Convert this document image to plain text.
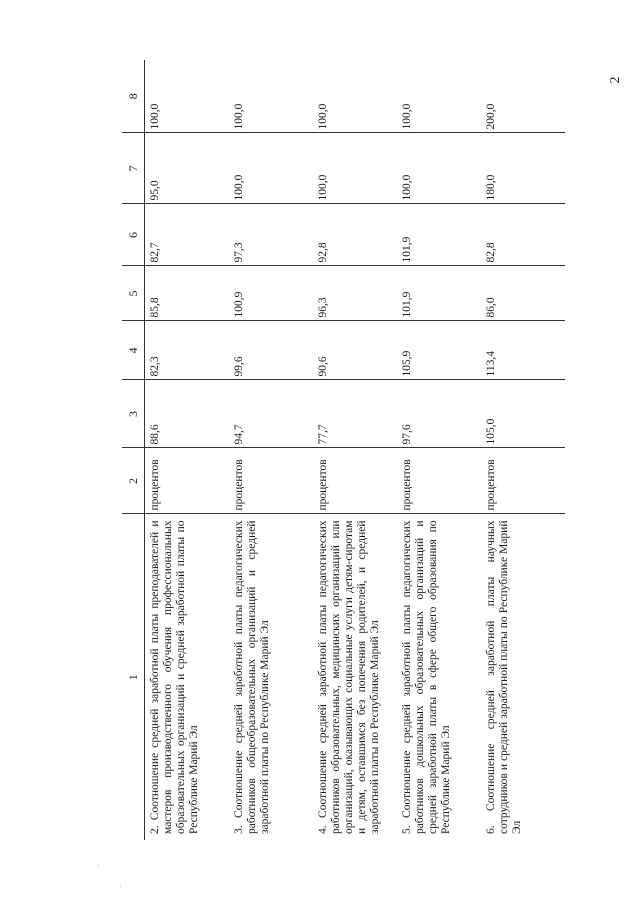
2
1	2	3	4	5	6	7	8
2. Соотношение средней заработной платы преподавателей и мастеров производственного обучения профессиональных образовательных организаций и средней заработной платы по Республике Марий Эл	процентов	88,6	82,3	85,8	82,7	95,0	100,0
3. Соотношение средней заработной платы педагогических работников общеобразовательных организаций и средней заработной платы по Республике Марий Эл	процентов	94,7	99,6	100,9	97,3	100,0	100,0
4. Соотношение средней заработной платы педагогических работников образовательных, медицинских организаций или организаций, оказывающих социальные услуги детям-сиротам и детям, оставшимся без попечения родителей, и средней заработной платы по Республике Марий Эл	процентов	77,7	90,6	96,3	92,8	100,0	100,0
5. Соотношение средней заработной платы педагогических работников дошкольных образовательных организаций и средней заработной платы в сфере общего образования по Республике Марий Эл	процентов	97,6	105,9	101,9	101,9	100,0	100,0
6. Соотношение средней заработной платы научных сотрудников и средней заработной платы по Республике Марий Эл	процентов	105,0	113,4	86,0	82,8	180,0	200,0
·
·
